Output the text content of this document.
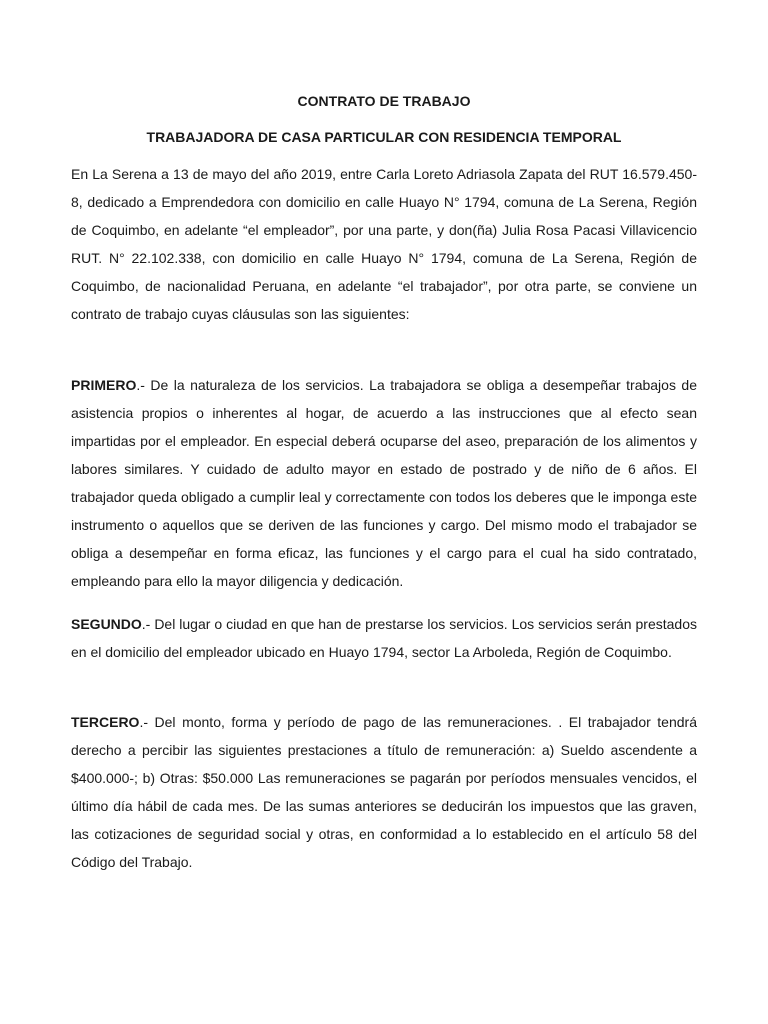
CONTRATO DE TRABAJO

TRABAJADORA DE CASA PARTICULAR CON RESIDENCIA TEMPORAL

En La Serena a 13 de mayo del año 2019, entre Carla Loreto Adriasola Zapata del RUT 16.579.450-8, dedicado a Emprendedora con domicilio en calle Huayo N° 1794, comuna de La Serena, Región de Coquimbo, en adelante “el empleador”, por una parte, y don(ña) Julia Rosa Pacasi Villavicencio RUT. N° 22.102.338, con domicilio en calle Huayo N° 1794, comuna de La Serena, Región de Coquimbo, de nacionalidad Peruana, en adelante “el trabajador”, por otra parte, se conviene un contrato de trabajo cuyas cláusulas son las siguientes:

PRIMERO.- De la naturaleza de los servicios. La trabajadora se obliga a desempeñar trabajos de asistencia propios o inherentes al hogar, de acuerdo a las instrucciones que al efecto sean impartidas por el empleador. En especial deberá ocuparse del aseo, preparación de los alimentos y labores similares. Y cuidado de adulto mayor en estado de postrado y de niño de 6 años. El trabajador queda obligado a cumplir leal y correctamente con todos los deberes que le imponga este instrumento o aquellos que se deriven de las funciones y cargo. Del mismo modo el trabajador se obliga a desempeñar en forma eficaz, las funciones y el cargo para el cual ha sido contratado, empleando para ello la mayor diligencia y dedicación.

SEGUNDO.- Del lugar o ciudad en que han de prestarse los servicios. Los servicios serán prestados en el domicilio del empleador ubicado en Huayo 1794, sector La Arboleda, Región de Coquimbo.

TERCERO.- Del monto, forma y período de pago de las remuneraciones. . El trabajador tendrá derecho a percibir las siguientes prestaciones a título de remuneración: a) Sueldo ascendente a $400.000-; b) Otras: $50.000 Las remuneraciones se pagarán por períodos mensuales vencidos, el último día hábil de cada mes. De las sumas anteriores se deducirán los impuestos que las graven, las cotizaciones de seguridad social y otras, en conformidad a lo establecido en el artículo 58 del Código del Trabajo.
